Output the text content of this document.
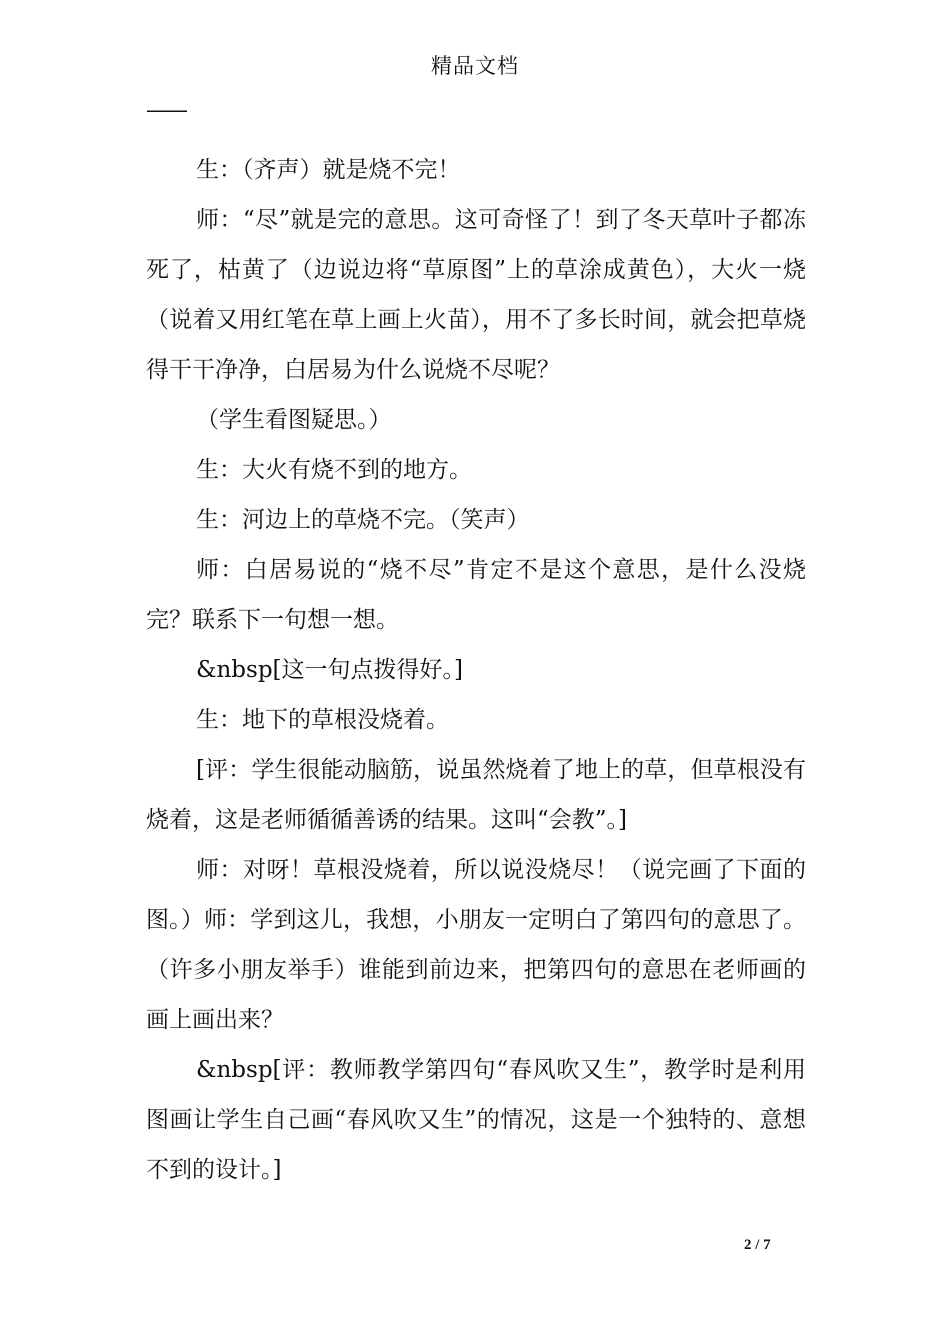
精品文档
——

生：（齐声）就是烧不完！

师：“尽”就是完的意思。这可奇怪了！到了冬天草叶子都冻死了，枯黄了（边说边将“草原图”上的草涂成黄色），大火一烧（说着又用红笔在草上画上火苗），用不了多长时间，就会把草烧得干干净净，白居易为什么说烧不尽呢？

（学生看图疑思。）

生：大火有烧不到的地方。

生：河边上的草烧不完。（笑声）

师：白居易说的“烧不尽”肯定不是这个意思，是什么没烧完？联系下一句想一想。

&nbsp[这一句点拨得好。]

生：地下的草根没烧着。

[评：学生很能动脑筋，说虽然烧着了地上的草，但草根没有烧着，这是老师循循善诱的结果。这叫“会教”。]

师：对呀！草根没烧着，所以说没烧尽！（说完画了下面的图。）师：学到这儿，我想，小朋友一定明白了第四句的意思了。（许多小朋友举手）谁能到前边来，把第四句的意思在老师画的画上画出来？

&nbsp[评：教师教学第四句“春风吹又生”，教学时是利用图画让学生自己画“春风吹又生”的情况，这是一个独特的、意想不到的设计。]

2 / 7
